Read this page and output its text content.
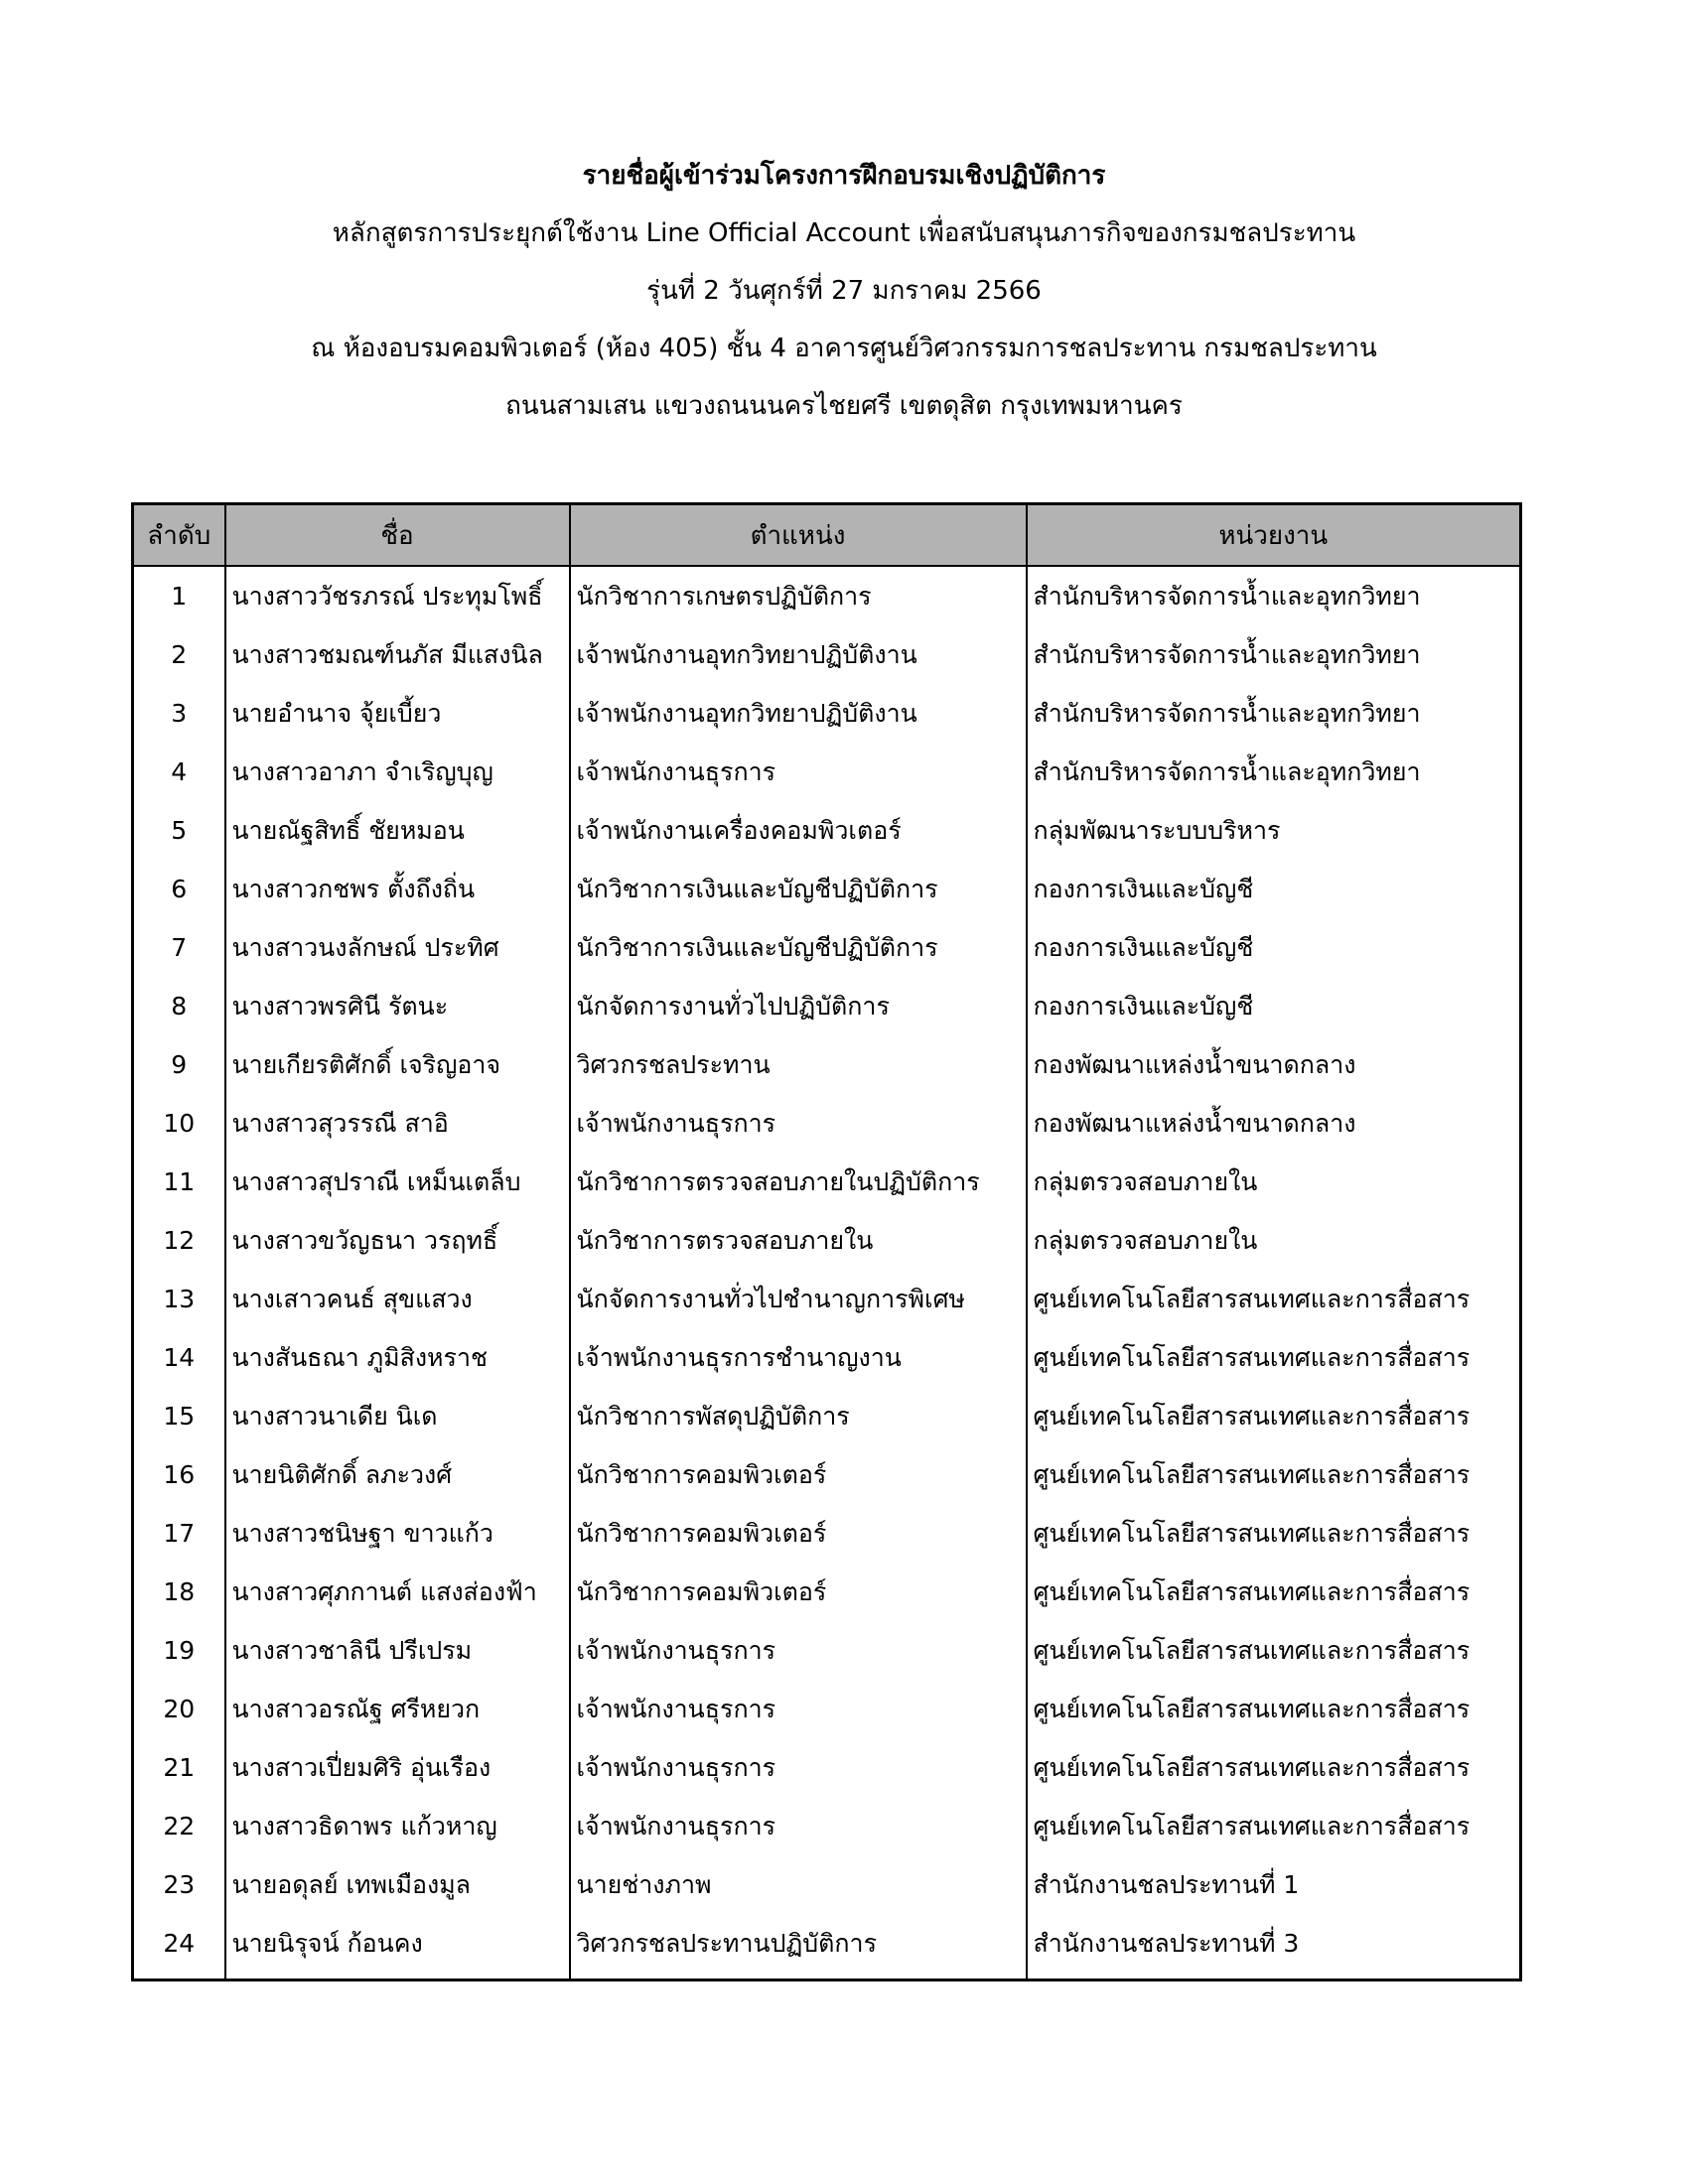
รายชื่อผู้เข้าร่วมโครงการฝึกอบรมเชิงปฏิบัติการ
หลักสูตรการประยุกต์ใช้งาน Line Official Account เพื่อสนับสนุนภารกิจของกรมชลประทาน
รุ่นที่ 2 วันศุกร์ที่ 27 มกราคม 2566
ณ ห้องอบรมคอมพิวเตอร์ (ห้อง 405) ชั้น 4 อาคารศูนย์วิศวกรรมการชลประทาน กรมชลประทาน
ถนนสามเสน แขวงถนนนครไชยศรี เขตดุสิต กรุงเทพมหานคร
ลำดับ	ชื่อ	ตำแหน่ง	หน่วยงาน
1	นางสาววัชรภรณ์ ประทุมโพธิ์	นักวิชาการเกษตรปฏิบัติการ	สำนักบริหารจัดการน้ำและอุทกวิทยา
2	นางสาวชมณฑ์นภัส มีแสงนิล	เจ้าพนักงานอุทกวิทยาปฏิบัติงาน	สำนักบริหารจัดการน้ำและอุทกวิทยา
3	นายอำนาจ จุ้ยเบี้ยว	เจ้าพนักงานอุทกวิทยาปฏิบัติงาน	สำนักบริหารจัดการน้ำและอุทกวิทยา
4	นางสาวอาภา จำเริญบุญ	เจ้าพนักงานธุรการ	สำนักบริหารจัดการน้ำและอุทกวิทยา
5	นายณัฐสิทธิ์ ชัยหมอน	เจ้าพนักงานเครื่องคอมพิวเตอร์	กลุ่มพัฒนาระบบบริหาร
6	นางสาวกชพร ตั้งถึงถิ่น	นักวิชาการเงินและบัญชีปฏิบัติการ	กองการเงินและบัญชี
7	นางสาวนงลักษณ์ ประทิศ	นักวิชาการเงินและบัญชีปฏิบัติการ	กองการเงินและบัญชี
8	นางสาวพรศินี รัตนะ	นักจัดการงานทั่วไปปฏิบัติการ	กองการเงินและบัญชี
9	นายเกียรติศักดิ์ เจริญอาจ	วิศวกรชลประทาน	กองพัฒนาแหล่งน้ำขนาดกลาง
10	นางสาวสุวรรณี สาอิ	เจ้าพนักงานธุรการ	กองพัฒนาแหล่งน้ำขนาดกลาง
11	นางสาวสุปราณี เหม็นเตล็บ	นักวิชาการตรวจสอบภายในปฏิบัติการ	กลุ่มตรวจสอบภายใน
12	นางสาวขวัญธนา วรฤทธิ์	นักวิชาการตรวจสอบภายใน	กลุ่มตรวจสอบภายใน
13	นางเสาวคนธ์ สุขแสวง	นักจัดการงานทั่วไปชำนาญการพิเศษ	ศูนย์เทคโนโลยีสารสนเทศและการสื่อสาร
14	นางสันธณา ภูมิสิงหราช	เจ้าพนักงานธุรการชำนาญงาน	ศูนย์เทคโนโลยีสารสนเทศและการสื่อสาร
15	นางสาวนาเดีย นิเด	นักวิชาการพัสดุปฏิบัติการ	ศูนย์เทคโนโลยีสารสนเทศและการสื่อสาร
16	นายนิติศักดิ์ ลภะวงศ์	นักวิชาการคอมพิวเตอร์	ศูนย์เทคโนโลยีสารสนเทศและการสื่อสาร
17	นางสาวชนิษฐา ขาวแก้ว	นักวิชาการคอมพิวเตอร์	ศูนย์เทคโนโลยีสารสนเทศและการสื่อสาร
18	นางสาวศุภกานต์ แสงส่องฟ้า	นักวิชาการคอมพิวเตอร์	ศูนย์เทคโนโลยีสารสนเทศและการสื่อสาร
19	นางสาวชาลินี ปรีเปรม	เจ้าพนักงานธุรการ	ศูนย์เทคโนโลยีสารสนเทศและการสื่อสาร
20	นางสาวอรณัฐ ศรีหยวก	เจ้าพนักงานธุรการ	ศูนย์เทคโนโลยีสารสนเทศและการสื่อสาร
21	นางสาวเปี่ยมศิริ อุ่นเรือง	เจ้าพนักงานธุรการ	ศูนย์เทคโนโลยีสารสนเทศและการสื่อสาร
22	นางสาวธิดาพร แก้วหาญ	เจ้าพนักงานธุรการ	ศูนย์เทคโนโลยีสารสนเทศและการสื่อสาร
23	นายอดุลย์ เทพเมืองมูล	นายช่างภาพ	สำนักงานชลประทานที่ 1
24	นายนิรุจน์ ก้อนคง	วิศวกรชลประทานปฏิบัติการ	สำนักงานชลประทานที่ 3
